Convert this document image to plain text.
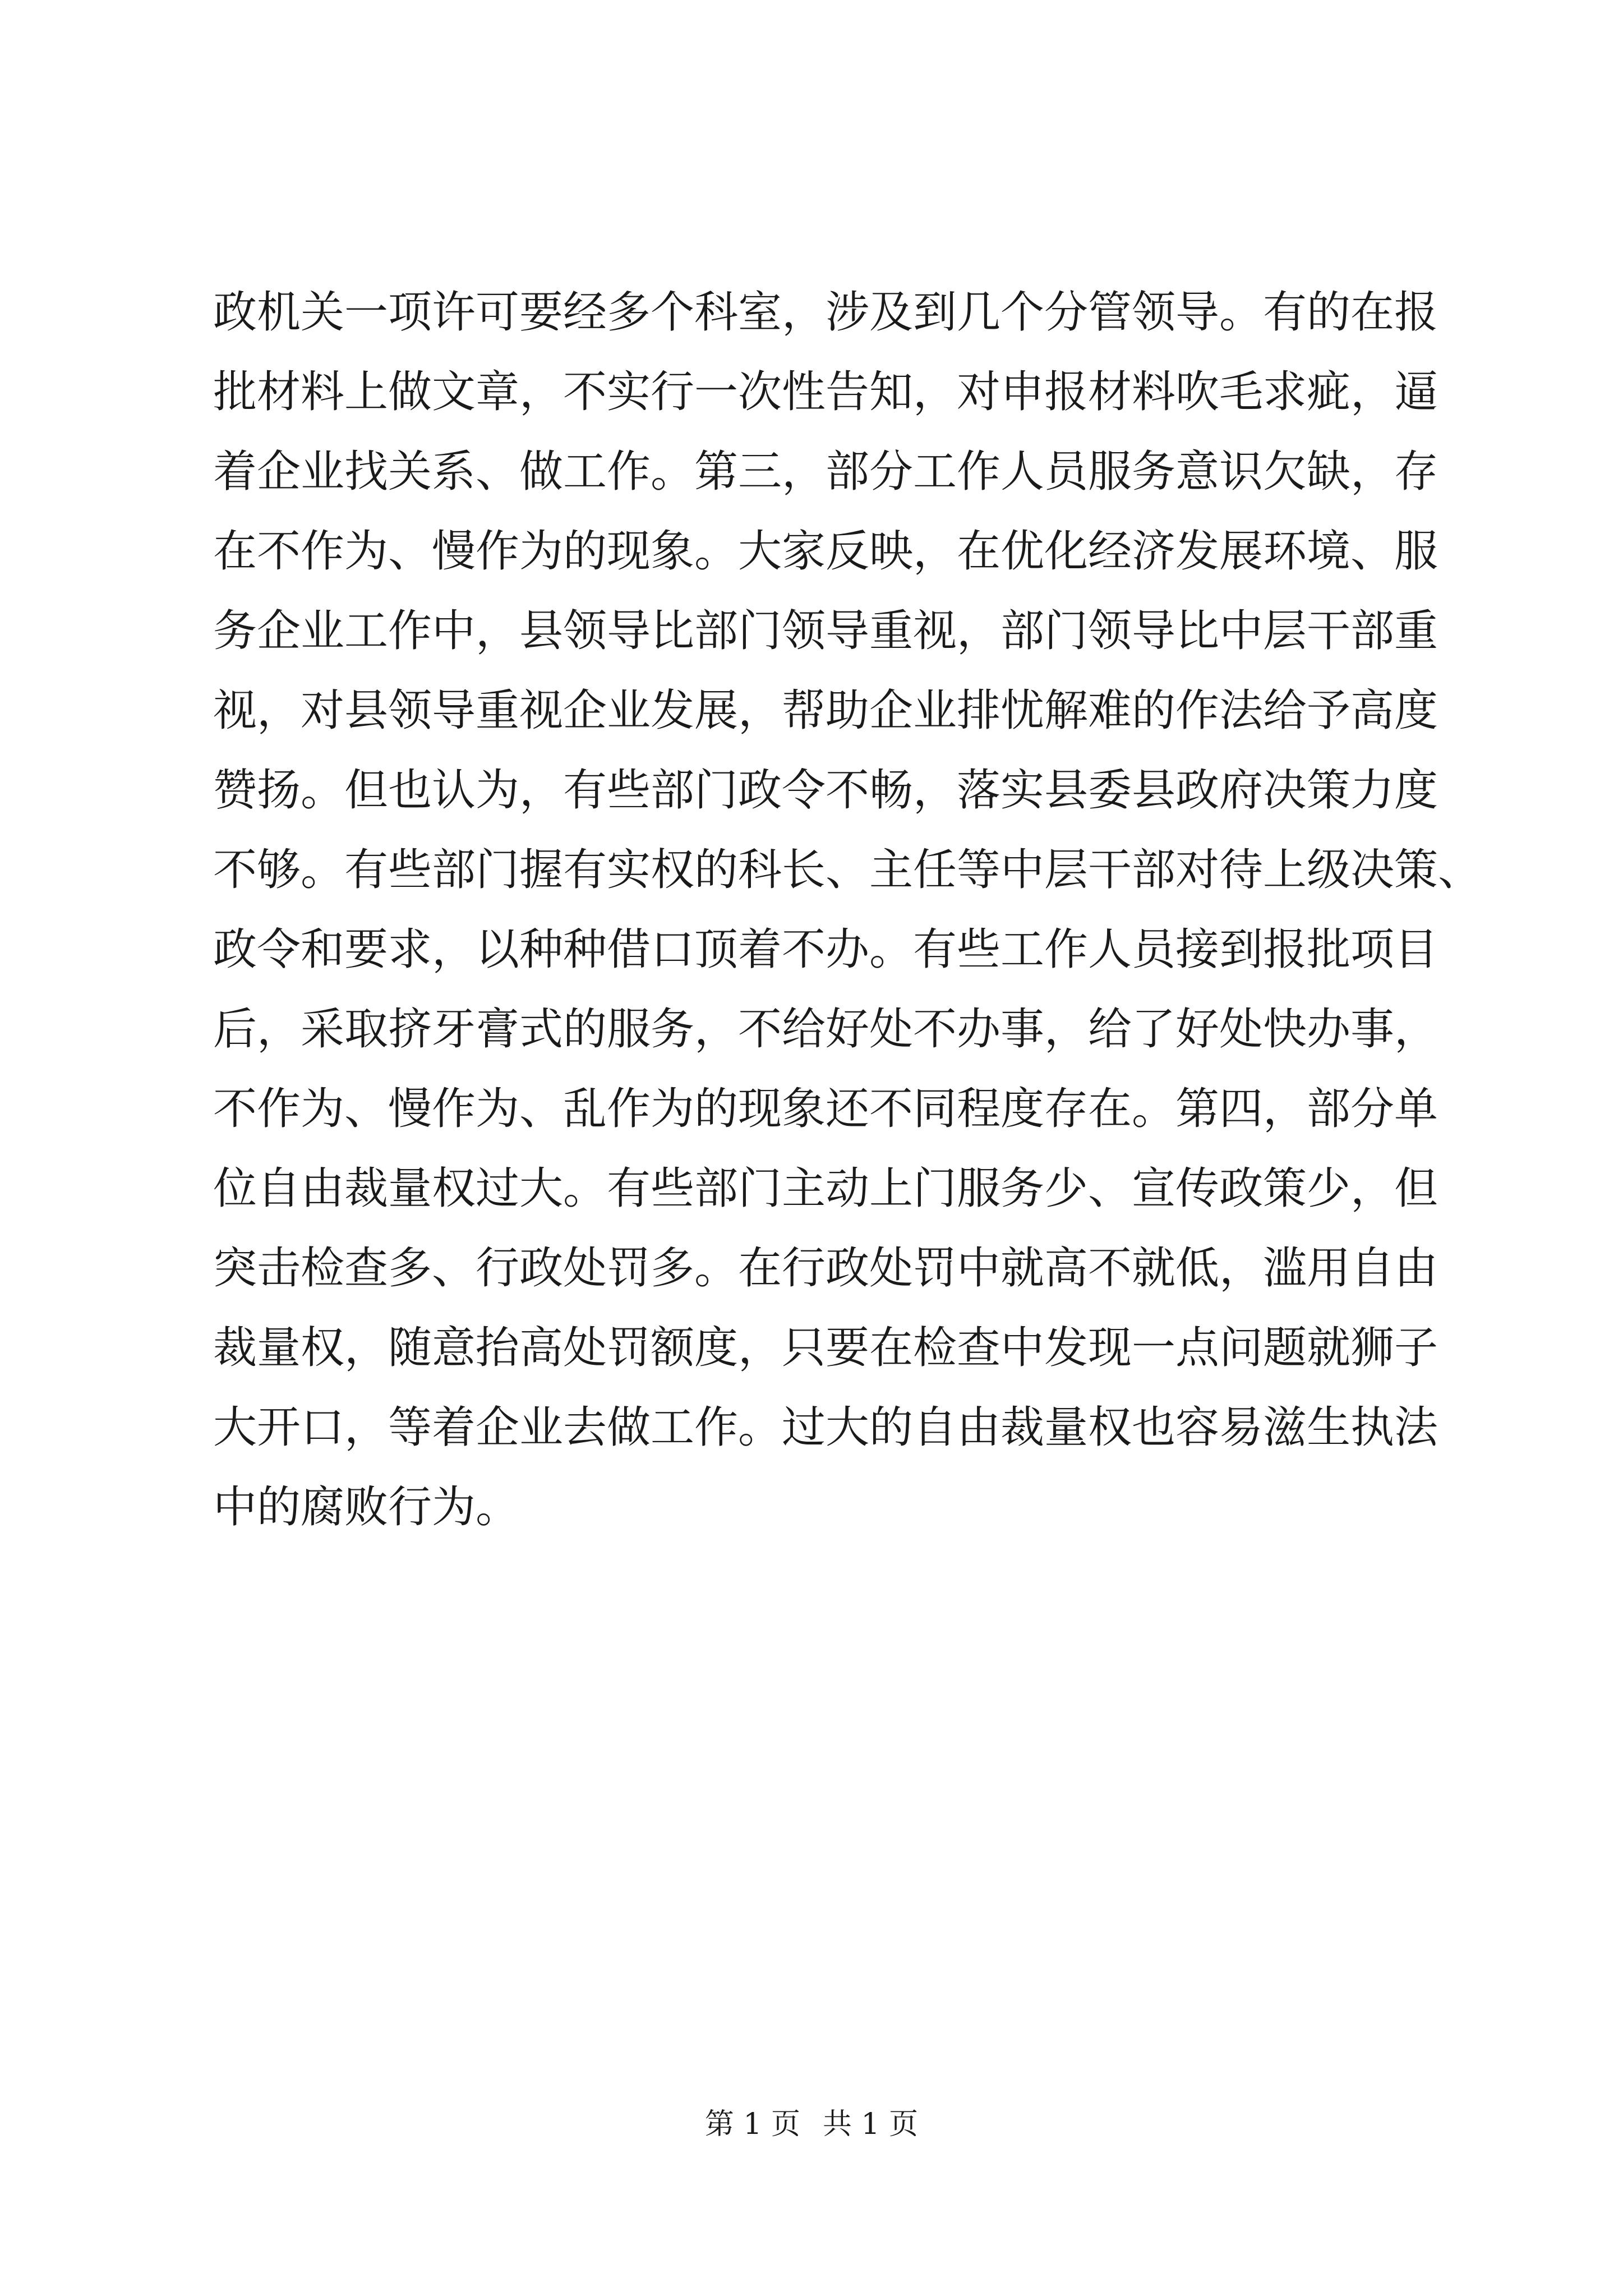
政机关一项许可要经多个科室，涉及到几个分管领导。有的在报
批材料上做文章，不实行一次性告知，对申报材料吹毛求疵，逼
着企业找关系、做工作。第三，部分工作人员服务意识欠缺，存
在不作为、慢作为的现象。大家反映，在优化经济发展环境、服
务企业工作中，县领导比部门领导重视，部门领导比中层干部重
视，对县领导重视企业发展，帮助企业排忧解难的作法给予高度
赞扬。但也认为，有些部门政令不畅，落实县委县政府决策力度
不够。有些部门握有实权的科长、主任等中层干部对待上级决策、
政令和要求，以种种借口顶着不办。有些工作人员接到报批项目
后，采取挤牙膏式的服务，不给好处不办事，给了好处快办事，
不作为、慢作为、乱作为的现象还不同程度存在。第四，部分单
位自由裁量权过大。有些部门主动上门服务少、宣传政策少，但
突击检查多、行政处罚多。在行政处罚中就高不就低，滥用自由
裁量权，随意抬高处罚额度，只要在检查中发现一点问题就狮子
大开口，等着企业去做工作。过大的自由裁量权也容易滋生执法
中的腐败行为。
第 1 页 共 1 页
